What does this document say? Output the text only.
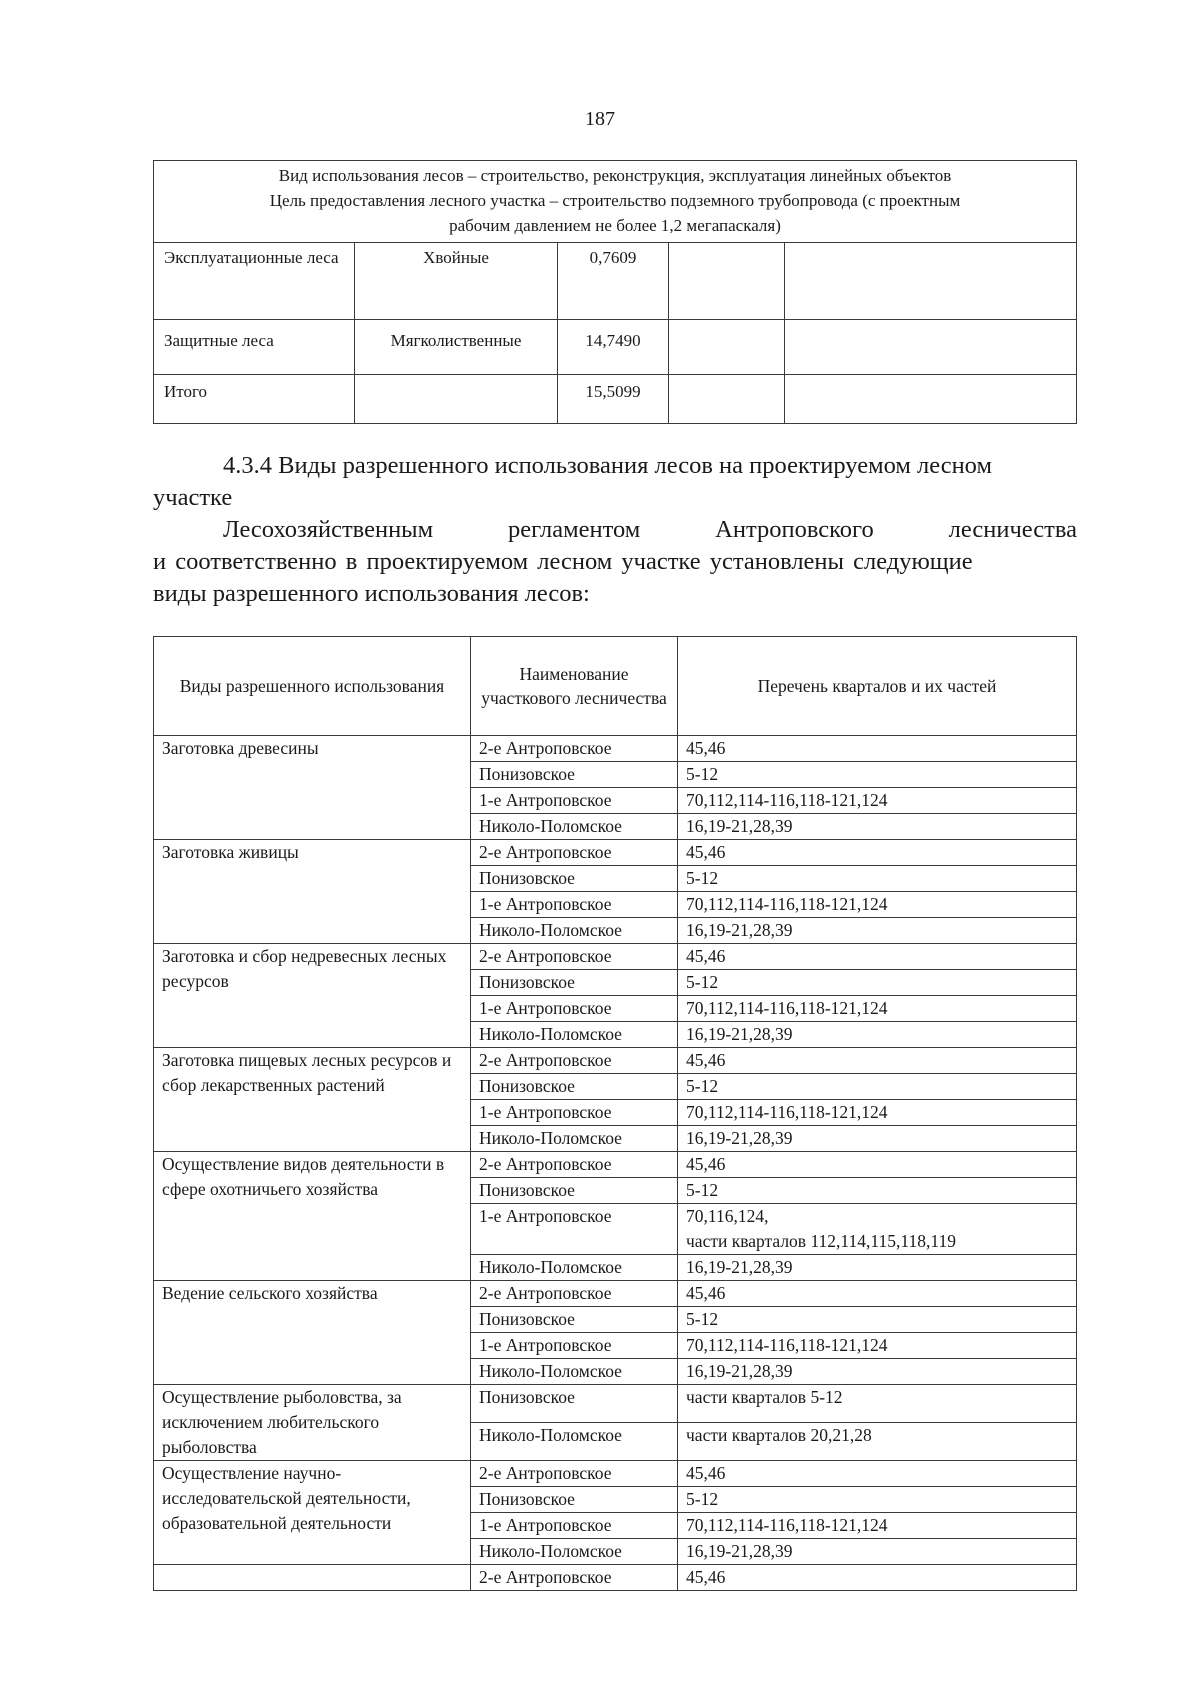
187
Вид использования лесов – строительство, реконструкция, эксплуатация линейных объектов
Цель предоставления лесного участка – строительство подземного трубопровода (с проектным
рабочим давлением не более 1,2 мегапаскаля)				

Эксплуатационные леса	Хвойные	0,7609		
Защитные леса	Мягколиственные	14,7490		
Итого		15,5099		
4.3.4 Виды разрешенного использования лесов на проектируемом лесном
участке
Лесохозяйственным	регламентом	Антроповского	лесничества
и соответственно в проектируемом лесном участке установлены следующие
виды разрешенного использования лесов:
Виды разрешенного использования	Наименование участкового лесничества	Перечень кварталов и их частей
Заготовка древесины	2-е Антроповское	45,46

	Понизовское	5-12

	1-е Антроповское	70,112,114-116,118-121,124

	Николо-Поломское	16,19-21,28,39

Заготовка живицы	2-е Антроповское	45,46

	Понизовское	5-12

	1-е Антроповское	70,112,114-116,118-121,124

	Николо-Поломское	16,19-21,28,39

Заготовка и сбор недревесных лесных ресурсов	2-е Антроповское	45,46

	Понизовское	5-12

	1-е Антроповское	70,112,114-116,118-121,124

	Николо-Поломское	16,19-21,28,39

Заготовка пищевых лесных ресурсов и сбор лекарственных растений	2-е Антроповское	45,46

	Понизовское	5-12

	1-е Антроповское	70,112,114-116,118-121,124

	Николо-Поломское	16,19-21,28,39

Осуществление видов деятельности в сфере охотничьего хозяйства	2-е Антроповское	45,46

	Понизовское	5-12

	1-е Антроповское	70,116,124,
части кварталов 112,114,115,118,119

	Николо-Поломское	16,19-21,28,39

Ведение сельского хозяйства	2-е Антроповское	45,46

	Понизовское	5-12

	1-е Антроповское	70,112,114-116,118-121,124

	Николо-Поломское	16,19-21,28,39

Осуществление рыболовства, за исключением любительского рыболовства	Понизовское	части кварталов 5-12

	Николо-Поломское	части кварталов 20,21,28

Осуществление научно-исследовательской деятельности, образовательной деятельности	2-е Антроповское	45,46

	Понизовское	5-12

	1-е Антроповское	70,112,114-116,118-121,124

	Николо-Поломское	16,19-21,28,39

	2-е Антроповское	45,46
